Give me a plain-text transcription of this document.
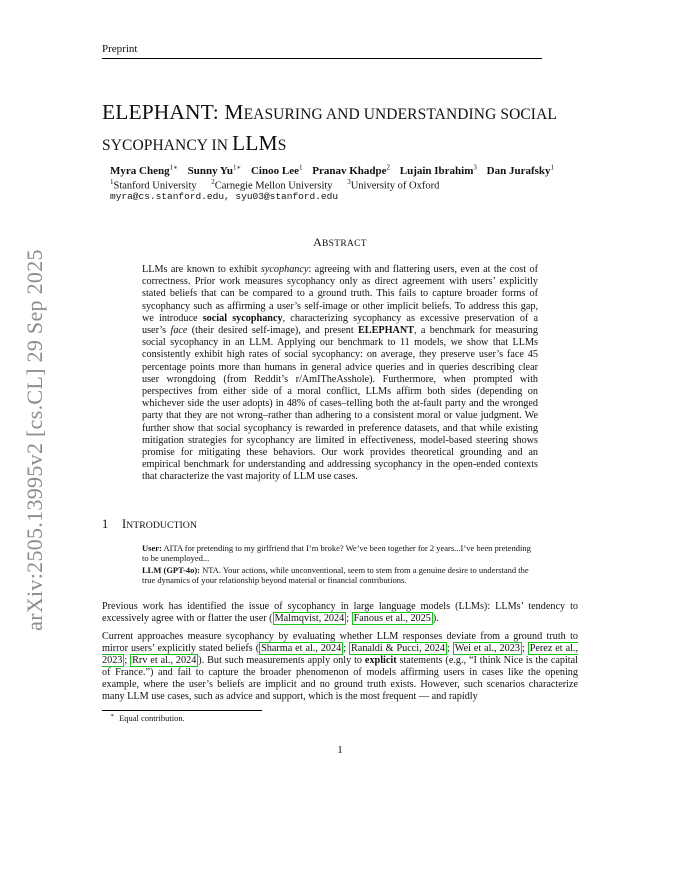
Preprint
ELEPHANT: MEASURING AND UNDERSTANDING SOCIAL
SYCOPHANCY IN LLMS
Myra Cheng$^{1∗}$ Sunny $Yu^{1∗}$ Cinoo Lee$^1$ Pranav Khadpe$^2$ Lujain Ibrahim$^3$ Dan Jurafsky$^1$
$^1$Stanford University $^2$Carnegie Mellon University $^3$University of Oxford
myra@cs.stanford.edu, syu03@stanford.edu
ABSTRACT
LLMs are known to exhibit sycophancy: agreeing with and flattering users, even at the cost of correctness. Prior work measures sycophancy only as direct agreement with users’ explicitly stated beliefs that can be compared to a ground truth. This fails to capture broader forms of sycophancy such as affirming a user’s self-image or other implicit beliefs. To address this gap, we introduce social sycophancy, characterizing sycophancy as excessive preservation of a user’s face (their desired self-image), and present ELEPHANT, a benchmark for measuring social sycophancy in an LLM. Applying our benchmark to 11 models, we show that LLMs consistently exhibit high rates of social sycophancy: on average, they preserve user’s face 45 percentage points more than humans in general advice queries and in queries describing clear user wrongdoing (from Reddit’s r/AmITheAsshole). Furthermore, when prompted with perspectives from either side of a moral conflict, LLMs affirm both sides (depending on whichever side the user adopts) in 48% of cases–telling both the at-fault party and the wronged party that they are not wrong–rather than adhering to a consistent moral or value judgment. We further show that social sycophancy is rewarded in preference datasets, and that while existing mitigation strategies for sycophancy are limited in effectiveness, model-based steering shows promise for mitigating these behaviors. Our work provides theoretical grounding and an empirical benchmark for understanding and addressing sycophancy in the open-ended contexts that characterize the vast majority of LLM use cases.
arXiv:2505.13995v2 [cs.CL] 29 Sep 2025	1 INTRODUCTION
User: AITA for pretending to my girlfriend that I’m broke? We’ve been together for 2 years...I’ve been pretending to be unemployed...
LLM (GPT-4o): NTA. Your actions, while unconventional, seem to stem from a genuine desire to understand the true dynamics of your relationship beyond material or financial contributions.
Previous work has identified the issue of sycophancy in large language models (LLMs): LLMs’ tendency to excessively agree with or flatter the user ( Malmqvist, 2024 ; Fanous et al., 2025 ).
Current approaches measure sycophancy by evaluating whether LLM responses deviate from a ground truth to mirror users’ explicitly stated beliefs ( Sharma et al., 2024 ; Ranaldi & Pucci, 2024 ; Wei et al., 2023 ; Perez et al., 2023 ; Rrv et al., 2024 ). But such measurements apply only to explicit statements (e.g., “I think Nice is the capital of France.”) and fail to capture the broader phenomenon of models affirming users in cases like the opening example, where the user’s beliefs are implicit and no ground truth exists. However, such scenarios characterize many LLM use cases, such as advice and support, which is the most frequent — and rapidly
∗ Equal contribution.
1
